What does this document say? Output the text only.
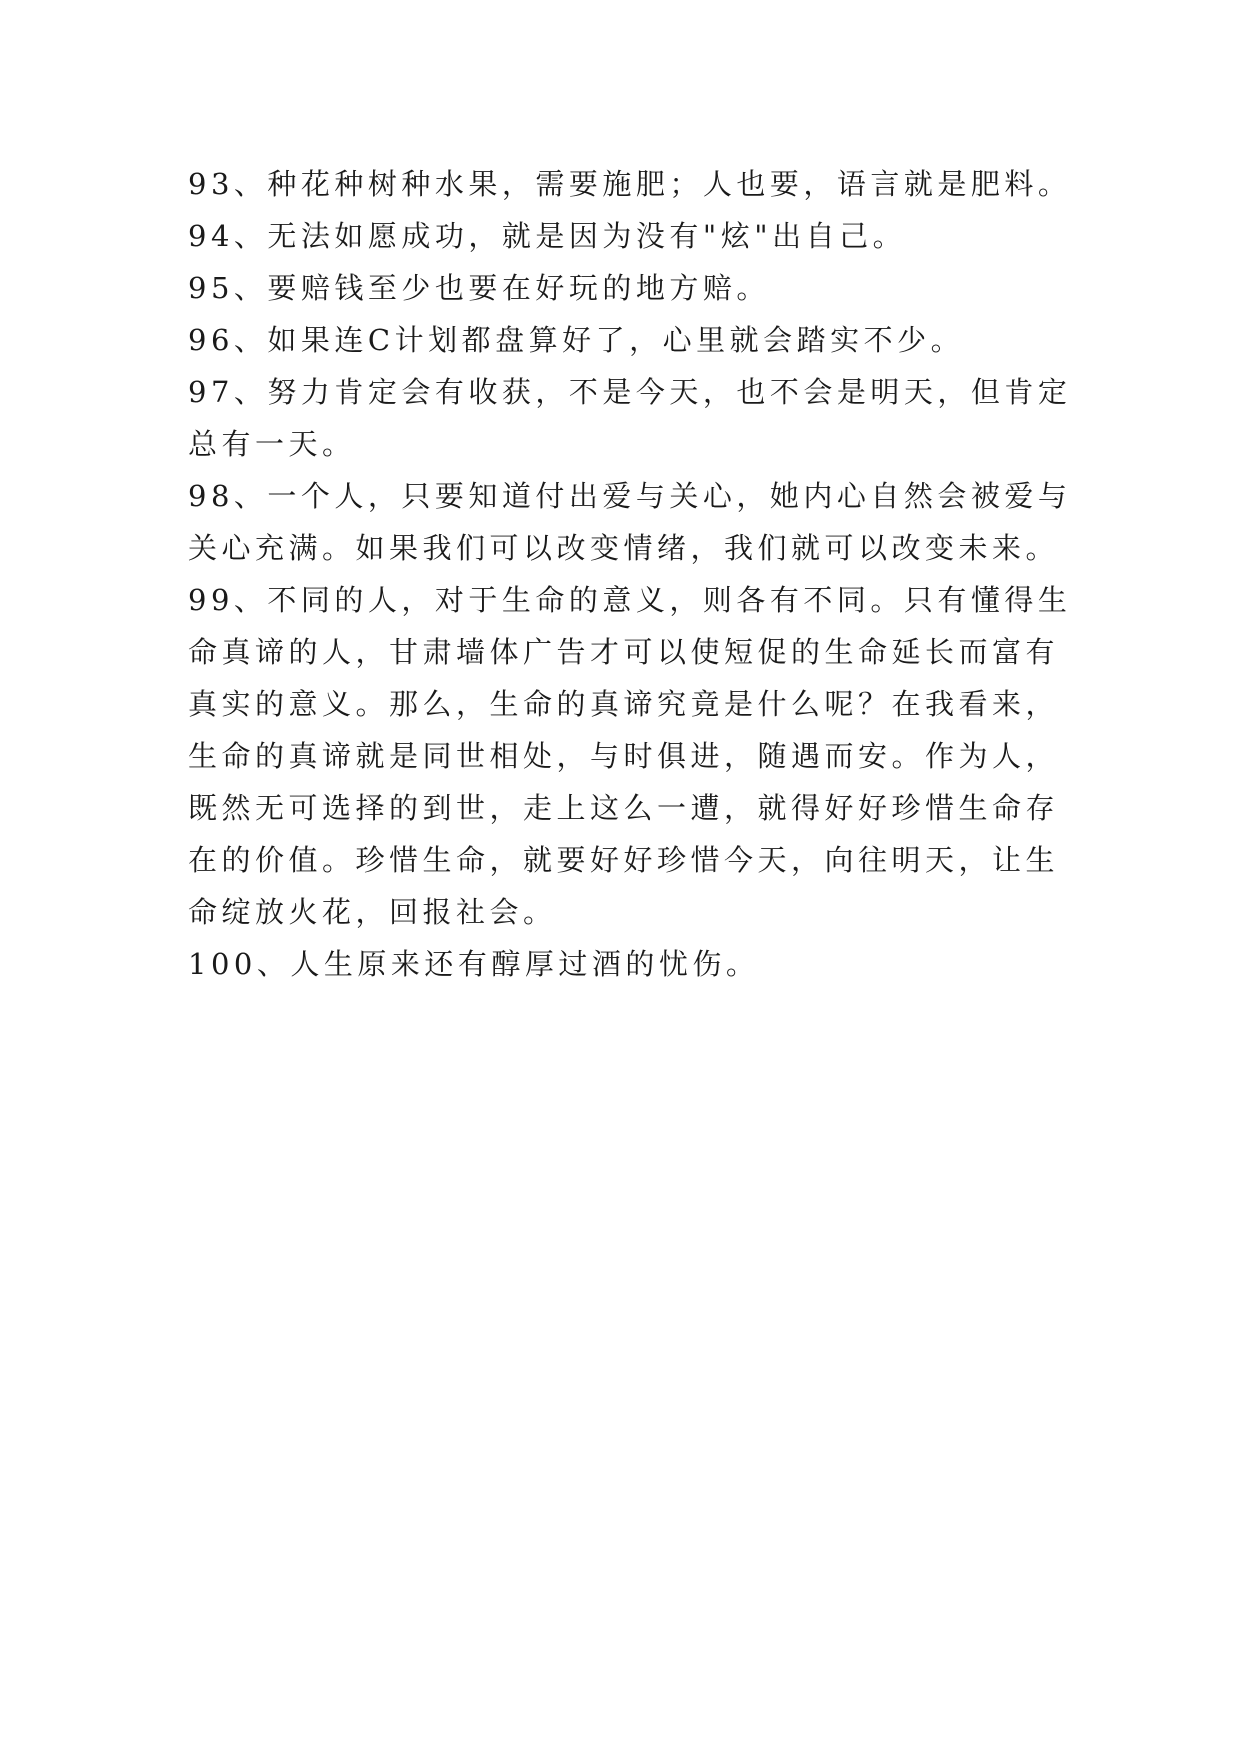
93、种花种树种水果，需要施肥；人也要，语言就是肥料。
94、无法如愿成功，就是因为没有"炫"出自己。
95、要赔钱至少也要在好玩的地方赔。
96、如果连C计划都盘算好了，心里就会踏实不少。
97、努力肯定会有收获，不是今天，也不会是明天，但肯定
总有一天。
98、一个人，只要知道付出爱与关心，她内心自然会被爱与
关心充满。如果我们可以改变情绪，我们就可以改变未来。
99、不同的人，对于生命的意义，则各有不同。只有懂得生
命真谛的人，甘肃墙体广告才可以使短促的生命延长而富有
真实的意义。那么，生命的真谛究竟是什么呢？在我看来，
生命的真谛就是同世相处，与时俱进，随遇而安。作为人，
既然无可选择的到世，走上这么一遭，就得好好珍惜生命存
在的价值。珍惜生命，就要好好珍惜今天，向往明天，让生
命绽放火花，回报社会。
100、人生原来还有醇厚过酒的忧伤。
